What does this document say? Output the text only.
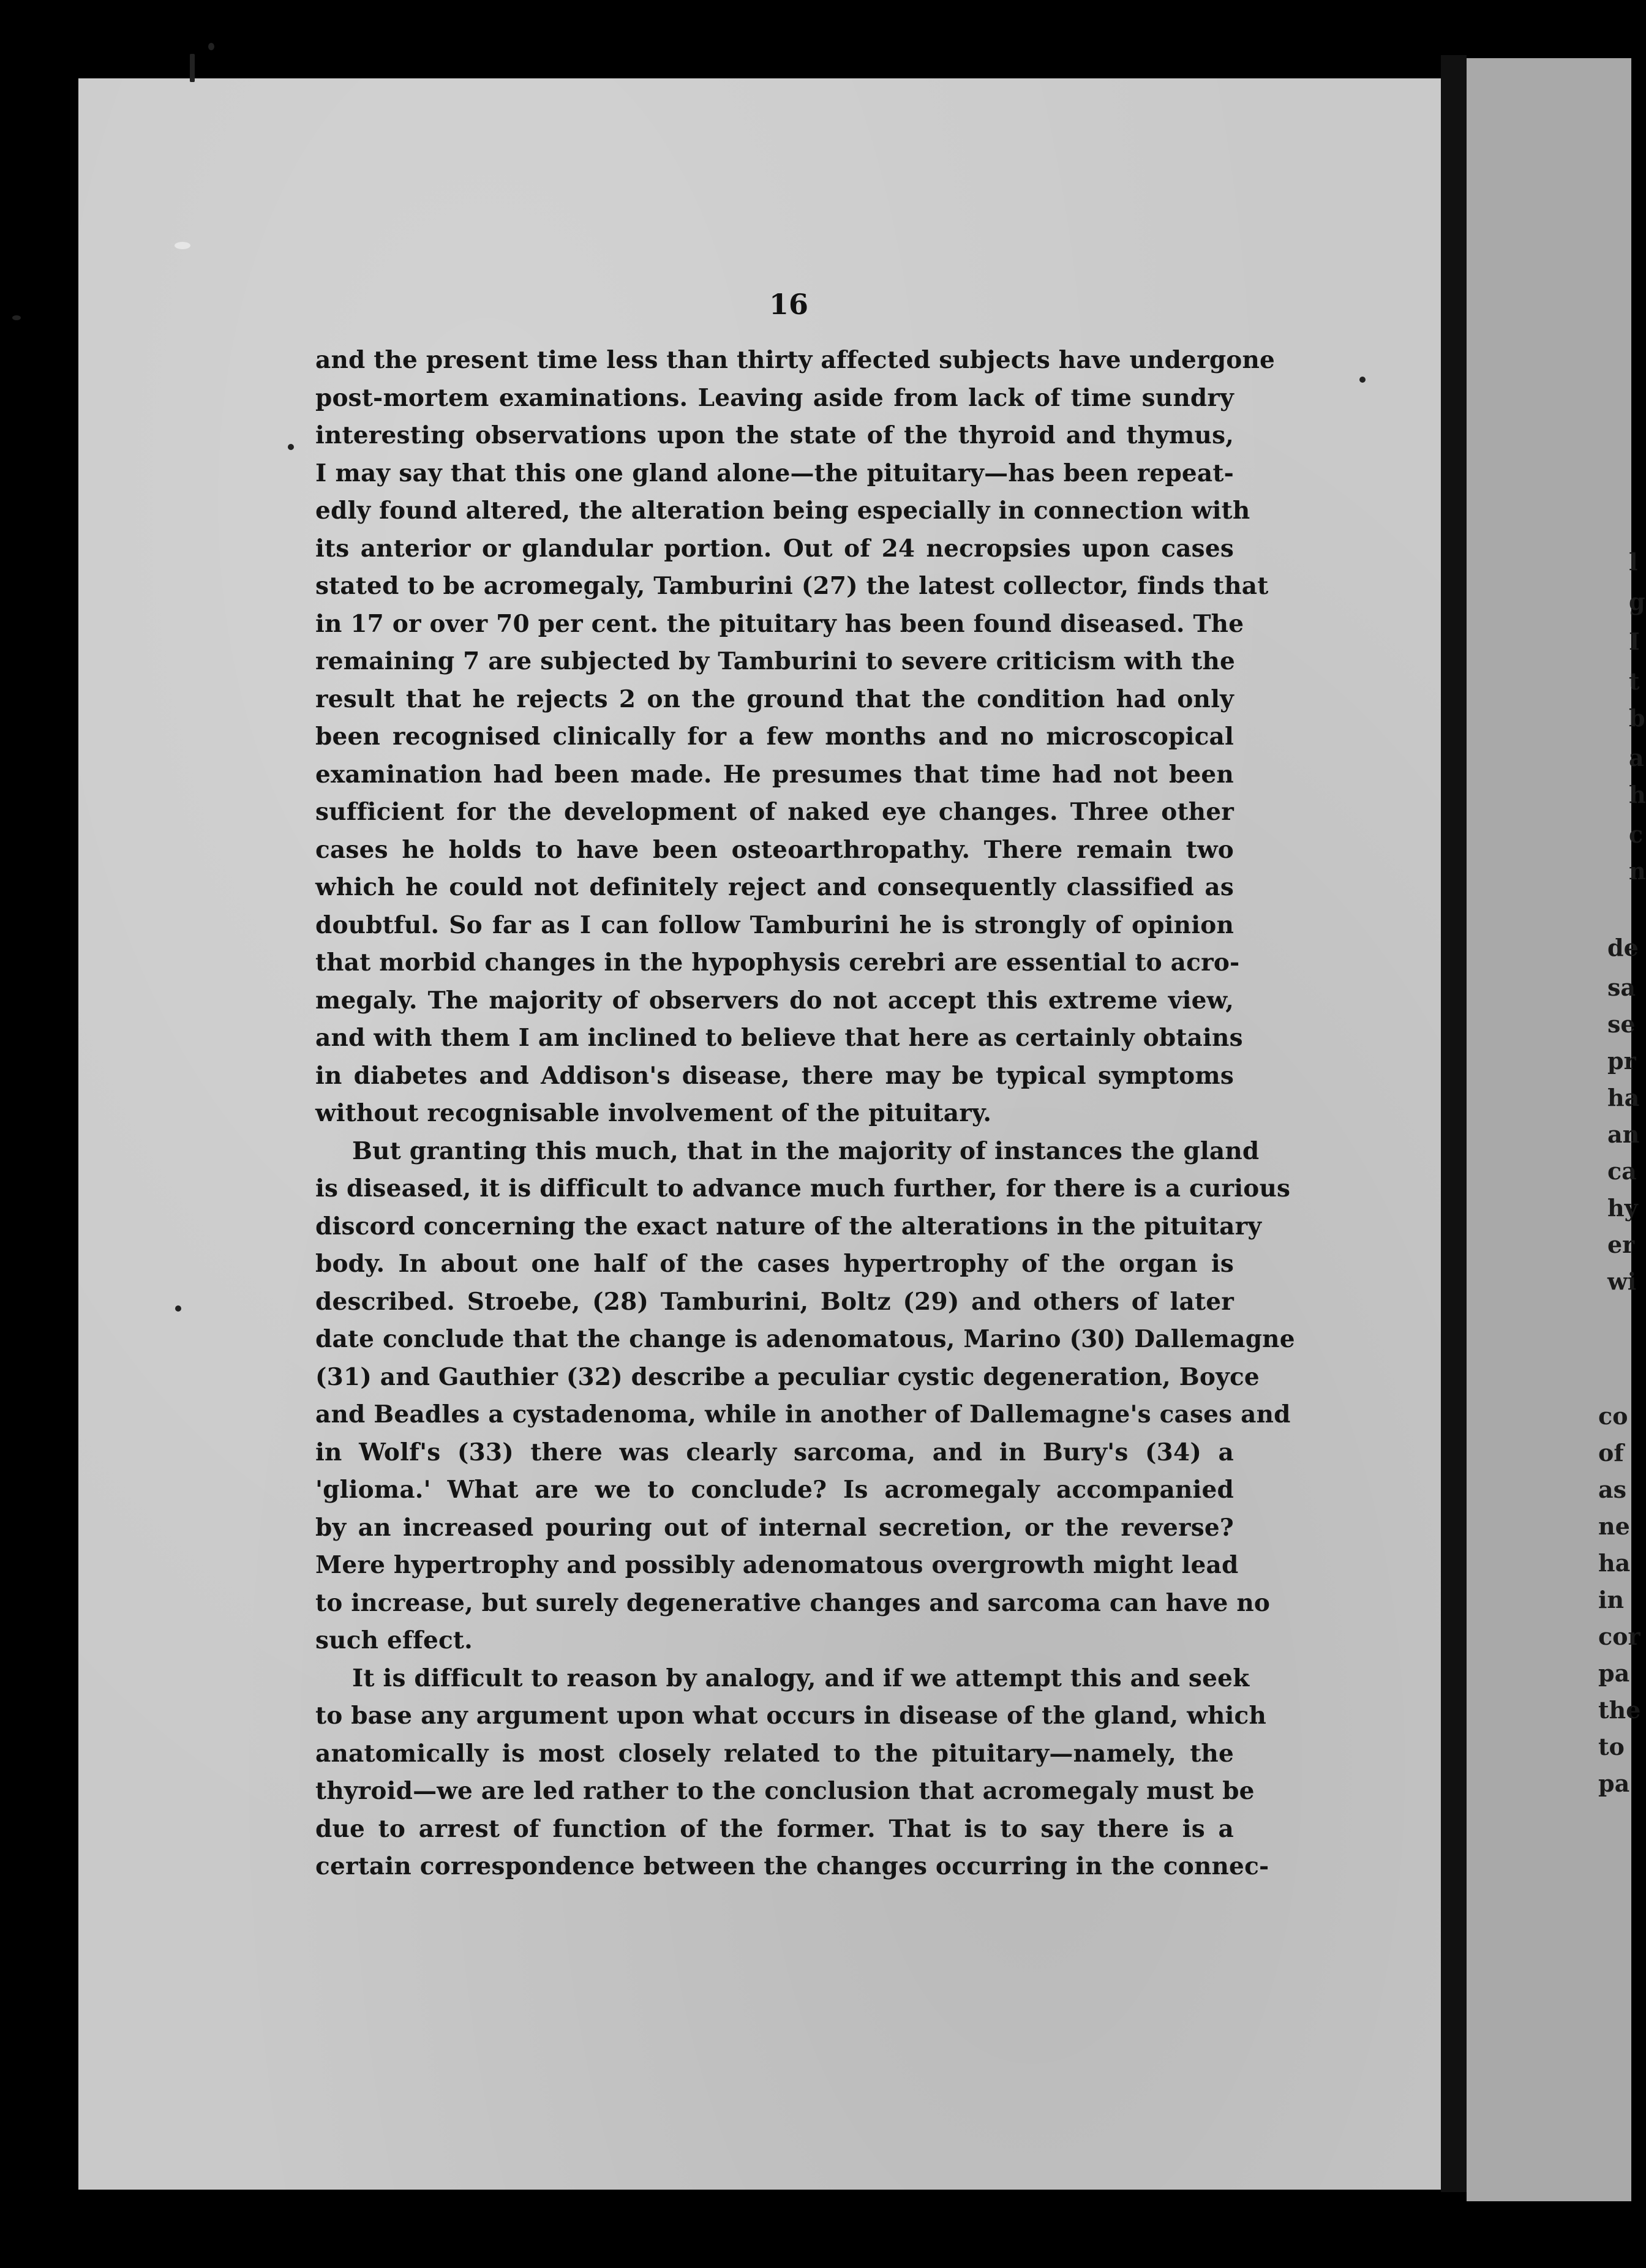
16

and the present time less than thirty affected subjects have undergone
post-mortem examinations. Leaving aside from lack of time sundry
interesting observations upon the state of the thyroid and thymus,
I may say that this one gland alone—the pituitary—has been repeat-
edly found altered, the alteration being especially in connection with
its anterior or glandular portion. Out of 24 necropsies upon cases
stated to be acromegaly, Tamburini (27) the latest collector, finds that
in 17 or over 70 per cent. the pituitary has been found diseased. The
remaining 7 are subjected by Tamburini to severe criticism with the
result that he rejects 2 on the ground that the condition had only
been recognised clinically for a few months and no microscopical
examination had been made. He presumes that time had not been
sufficient for the development of naked eye changes. Three other
cases he holds to have been osteoarthropathy. There remain two
which he could not definitely reject and consequently classified as
doubtful. So far as I can follow Tamburini he is strongly of opinion
that morbid changes in the hypophysis cerebri are essential to acro-
megaly. The majority of observers do not accept this extreme view,
and with them I am inclined to believe that here as certainly obtains
in diabetes and Addison's disease, there may be typical symptoms
without recognisable involvement of the pituitary.

But granting this much, that in the majority of instances the gland
is diseased, it is difficult to advance much further, for there is a curious
discord concerning the exact nature of the alterations in the pituitary
body. In about one half of the cases hypertrophy of the organ is
described. Stroebe, (28) Tamburini, Boltz (29) and others of later
date conclude that the change is adenomatous, Marino (30) Dallemagne
(31) and Gauthier (32) describe a peculiar cystic degeneration, Boyce
and Beadles a cystadenoma, while in another of Dallemagne's cases and
in Wolf's (33) there was clearly sarcoma, and in Bury's (34) a
'glioma.' What are we to conclude? Is acromegaly accompanied
by an increased pouring out of internal secretion, or the reverse?
Mere hypertrophy and possibly adenomatous overgrowth might lead
to increase, but surely degenerative changes and sarcoma can have no
such effect.

It is difficult to reason by analogy, and if we attempt this and seek
to base any argument upon what occurs in disease of the gland, which
anatomically is most closely related to the pituitary—namely, the
thyroid—we are led rather to the conclusion that acromegaly must be
due to arrest of function of the former. That is to say there is a
certain correspondence between the changes occurring in the connec-

l
g
I
t
b
a
h
c
n
de
sa
se
pr
ha
an
ca
hy
er
wi
co
of
as
ne
ha
in
cor
pa
the
to
pa
